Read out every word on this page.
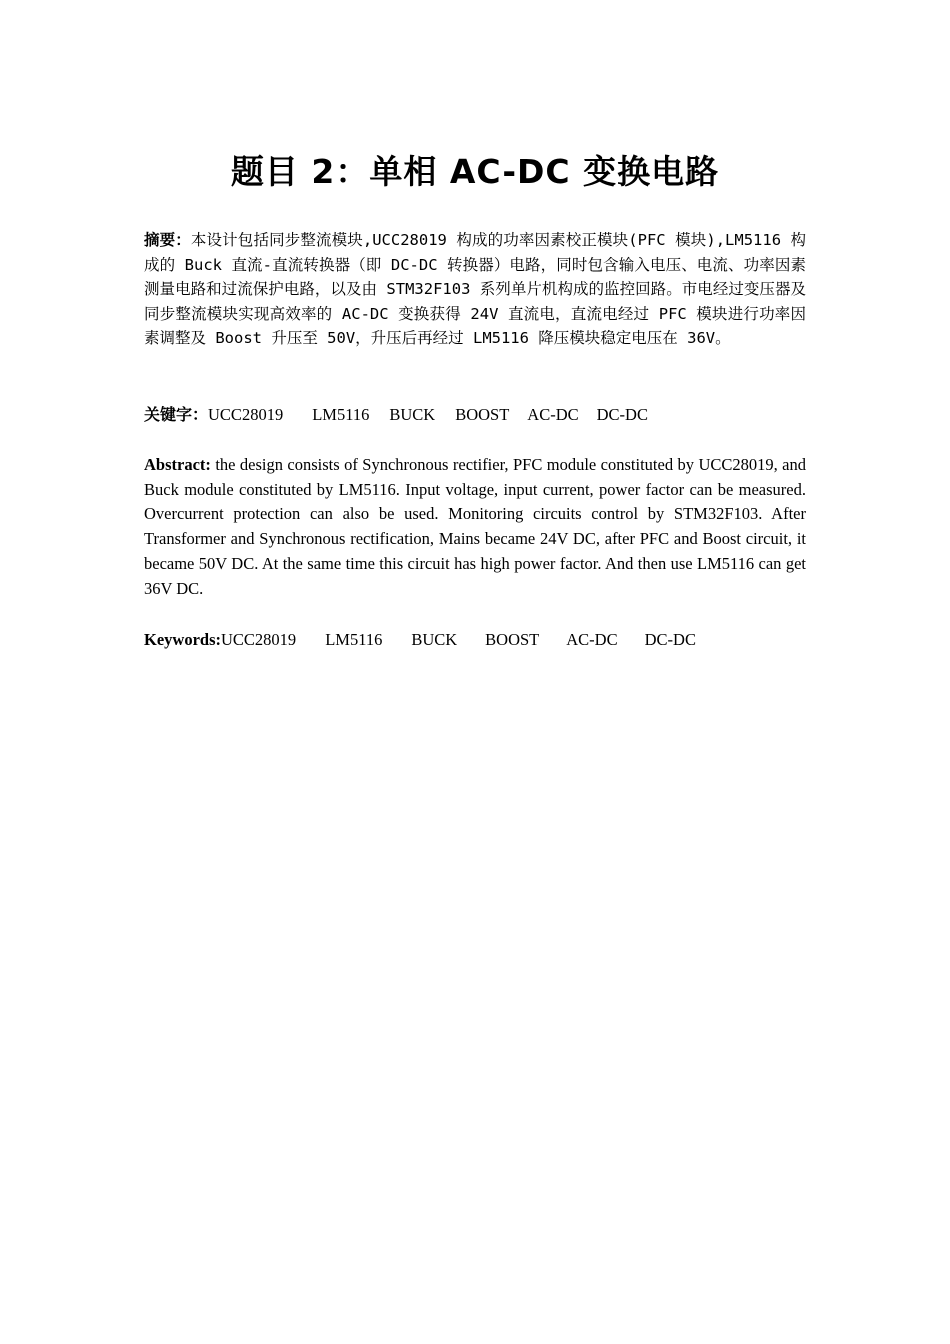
题目 2：单相 AC-DC 变换电路
摘要：本设计包括同步整流模块,UCC28019 构成的功率因素校正模块(PFC 模块),LM5116 构成的 Buck 直流-直流转换器（即 DC-DC 转换器）电路，同时包含输入电压、电流、功率因素测量电路和过流保护电路，以及由 STM32F103 系列单片机构成的监控回路。市电经过变压器及同步整流模块实现高效率的 AC-DC 变换获得 24V 直流电，直流电经过 PFC 模块进行功率因素调整及 Boost 升压至 50V，升压后再经过 LM5116 降压模块稳定电压在 36V。
关键字：UCC28019 LM5116 BUCK BOOST AC-DC DC-DC
Abstract: the design consists of Synchronous rectifier, PFC module constituted by UCC28019, and Buck module constituted by LM5116. Input voltage, input current, power factor can be measured. Overcurrent protection can also be used. Monitoring circuits control by STM32F103. After Transformer and Synchronous rectification, Mains became 24V DC, after PFC and Boost circuit, it became 50V DC. At the same time this circuit has high power factor. And then use LM5116 can get 36V DC.
Keywords:UCC28019 LM5116 BUCK BOOST AC-DC DC-DC
